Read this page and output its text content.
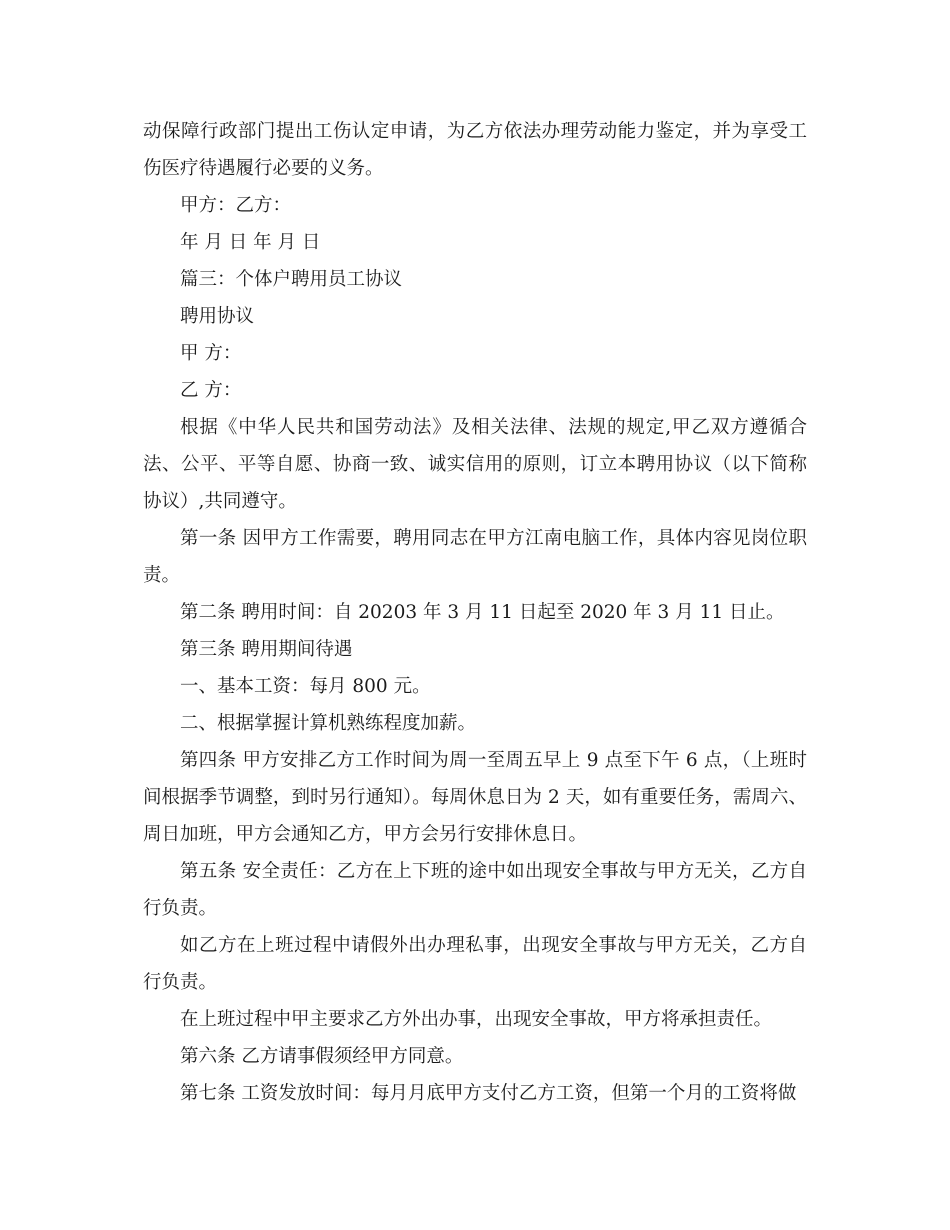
动保障行政部门提出工伤认定申请，为乙方依法办理劳动能力鉴定，并为享受工伤医疗待遇履行必要的义务。

甲方：乙方：

年 月 日 年 月 日

篇三：个体户聘用员工协议

聘用协议

甲 方：

乙 方：

根据《中华人民共和国劳动法》及相关法律、法规的规定,甲乙双方遵循合法、公平、平等自愿、协商一致、诚实信用的原则，订立本聘用协议（以下简称协议）,共同遵守。

第一条 因甲方工作需要，聘用同志在甲方江南电脑工作，具体内容见岗位职责。

第二条 聘用时间：自 20203 年 3 月 11 日起至 2020 年 3 月 11 日止。

第三条 聘用期间待遇

一、基本工资：每月 800 元。

二、根据掌握计算机熟练程度加薪。

第四条 甲方安排乙方工作时间为周一至周五早上 9 点至下午 6 点，（上班时间根据季节调整，到时另行通知）。每周休息日为 2 天，如有重要任务，需周六、周日加班，甲方会通知乙方，甲方会另行安排休息日。

第五条 安全责任：乙方在上下班的途中如出现安全事故与甲方无关，乙方自行负责。

如乙方在上班过程中请假外出办理私事，出现安全事故与甲方无关，乙方自行负责。

在上班过程中甲主要求乙方外出办事，出现安全事故，甲方将承担责任。

第六条 乙方请事假须经甲方同意。

第七条 工资发放时间：每月月底甲方支付乙方工资，但第一个月的工资将做
